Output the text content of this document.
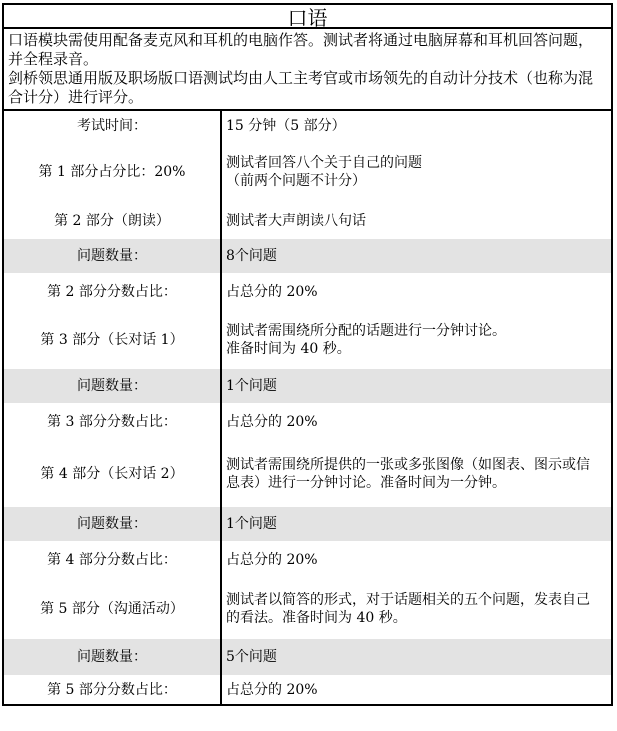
口语
口语模块需使用配备麦克风和耳机的电脑作答。测试者将通过电脑屏幕和耳机回答问题，并全程录音。
剑桥领思通用版及职场版口语测试均由人工主考官或市场领先的自动计分技术（也称为混合计分）进行评分。
考试时间：	15 分钟（5 部分）

第 1 部分占分比：20%	测试者回答八个关于自己的问题
（前两个问题不计分）

第 2 部分（朗读）	测试者大声朗读八句话

问题数量：	8个问题

第 2 部分分数占比：	占总分的 20%

第 3 部分（长对话 1）	测试者需围绕所分配的话题进行一分钟讨论。
准备时间为 40 秒。

问题数量：	1个问题

第 3 部分分数占比：	占总分的 20%

第 4 部分（长对话 2）	测试者需围绕所提供的一张或多张图像（如图表、图示或信息表）进行一分钟讨论。准备时间为一分钟。

问题数量：	1个问题

第 4 部分分数占比：	占总分的 20%

第 5 部分（沟通活动）	测试者以简答的形式，对于话题相关的五个问题，发表自己的看法。准备时间为 40 秒。

问题数量：	5个问题

第 5 部分分数占比：	占总分的 20%
